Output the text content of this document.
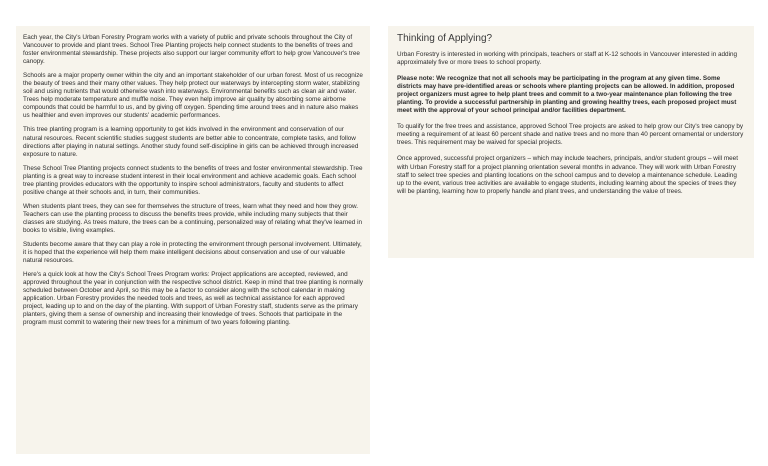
Each year, the City's Urban Forestry Program works with a variety of public and private schools throughout the City of Vancouver to provide and plant trees. School Tree Planting projects help connect students to the benefits of trees and foster environmental stewardship. These projects also support our larger community effort to help grow Vancouver's tree canopy.

Schools are a major property owner within the city and an important stakeholder of our urban forest. Most of us recognize the beauty of trees and their many other values. They help protect our waterways by intercepting storm water, stabilizing soil and using nutrients that would otherwise wash into waterways. Environmental benefits such as clean air and water. Trees help moderate temperature and muffle noise. They even help improve air quality by absorbing some airborne compounds that could be harmful to us, and by giving off oxygen. Spending time around trees and in nature also makes us healthier and even improves our students' academic performances.

This tree planting program is a learning opportunity to get kids involved in the environment and conservation of our natural resources. Recent scientific studies suggest students are better able to concentrate, complete tasks, and follow directions after playing in natural settings. Another study found self-discipline in girls can be achieved through increased exposure to nature.

These School Tree Planting projects connect students to the benefits of trees and foster environmental stewardship. Tree planting is a great way to increase student interest in their local environment and achieve academic goals. Each school tree planting provides educators with the opportunity to inspire school administrators, faculty and students to affect positive change at their schools and, in turn, their communities.

When students plant trees, they can see for themselves the structure of trees, learn what they need and how they grow. Teachers can use the planting process to discuss the benefits trees provide, while including many subjects that their classes are studying. As trees mature, the trees can be a continuing, personalized way of relating what they've learned in books to visible, living examples.

Students become aware that they can play a role in protecting the environment through personal involvement. Ultimately, it is hoped that the experience will help them make intelligent decisions about conservation and use of our valuable natural resources.

Here's a quick look at how the City's School Trees Program works: Project applications are accepted, reviewed, and approved throughout the year in conjunction with the respective school district. Keep in mind that tree planting is normally scheduled between October and April, so this may be a factor to consider along with the school calendar in making application. Urban Forestry provides the needed tools and trees, as well as technical assistance for each approved project, leading up to and on the day of the planting. With support of Urban Forestry staff, students serve as the primary planters, giving them a sense of ownership and increasing their knowledge of trees. Schools that participate in the program must commit to watering their new trees for a minimum of two years following planting.

Thinking of Applying?

Urban Forestry is interested in working with principals, teachers or staff at K-12 schools in Vancouver interested in adding approximately five or more trees to school property.

Please note: We recognize that not all schools may be participating in the program at any given time. Some districts may have pre-identified areas or schools where planting projects can be allowed. In addition, proposed project organizers must agree to help plant trees and commit to a two-year maintenance plan following the tree planting. To provide a successful partnership in planting and growing healthy trees, each proposed project must meet with the approval of your school principal and/or facilities department.

To qualify for the free trees and assistance, approved School Tree projects are asked to help grow our City's tree canopy by meeting a requirement of at least 60 percent shade and native trees and no more than 40 percent ornamental or understory trees. This requirement may be waived for special projects.

Once approved, successful project organizers – which may include teachers, principals, and/or student groups – will meet with Urban Forestry staff for a project planning orientation several months in advance. They will work with Urban Forestry staff to select tree species and planting locations on the school campus and to develop a maintenance schedule. Leading up to the event, various tree activities are available to engage students, including learning about the species of trees they will be planting, learning how to properly handle and plant trees, and understanding the value of trees.
